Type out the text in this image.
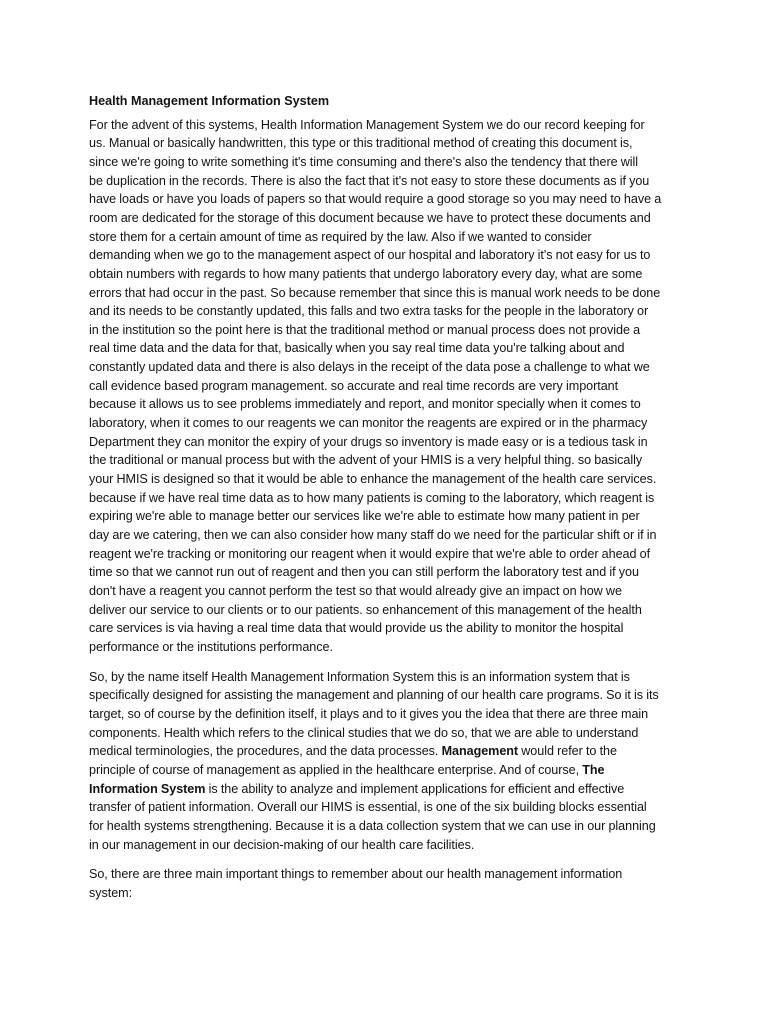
Health Management Information System
For the advent of this systems, Health Information Management System we do our record keeping for
us. Manual or basically handwritten, this type or this traditional method of creating this document is,
since we're going to write something it's time consuming and there's also the tendency that there will
be duplication in the records. There is also the fact that it's not easy to store these documents as if you
have loads or have you loads of papers so that would require a good storage so you may need to have a
room are dedicated for the storage of this document because we have to protect these documents and
store them for a certain amount of time as required by the law. Also if we wanted to consider
demanding when we go to the management aspect of our hospital and laboratory it's not easy for us to
obtain numbers with regards to how many patients that undergo laboratory every day, what are some
errors that had occur in the past. So because remember that since this is manual work needs to be done
and its needs to be constantly updated, this falls and two extra tasks for the people in the laboratory or
in the institution so the point here is that the traditional method or manual process does not provide a
real time data and the data for that, basically when you say real time data you're talking about and
constantly updated data and there is also delays in the receipt of the data pose a challenge to what we
call evidence based program management. so accurate and real time records are very important
because it allows us to see problems immediately and report, and monitor specially when it comes to
laboratory, when it comes to our reagents we can monitor the reagents are expired or in the pharmacy
Department they can monitor the expiry of your drugs so inventory is made easy or is a tedious task in
the traditional or manual process but with the advent of your HMIS is a very helpful thing. so basically
your HMIS is designed so that it would be able to enhance the management of the health care services.
because if we have real time data as to how many patients is coming to the laboratory, which reagent is
expiring we're able to manage better our services like we're able to estimate how many patient in per
day are we catering, then we can also consider how many staff do we need for the particular shift or if in
reagent we're tracking or monitoring our reagent when it would expire that we're able to order ahead of
time so that we cannot run out of reagent and then you can still perform the laboratory test and if you
don't have a reagent you cannot perform the test so that would already give an impact on how we
deliver our service to our clients or to our patients. so enhancement of this management of the health
care services is via having a real time data that would provide us the ability to monitor the hospital
performance or the institutions performance.
So, by the name itself Health Management Information System this is an information system that is
specifically designed for assisting the management and planning of our health care programs. So it is its
target, so of course by the definition itself, it plays and to it gives you the idea that there are three main
components. Health which refers to the clinical studies that we do so, that we are able to understand
medical terminologies, the procedures, and the data processes. Management would refer to the
principle of course of management as applied in the healthcare enterprise. And of course, The
Information System is the ability to analyze and implement applications for efficient and effective
transfer of patient information. Overall our HIMS is essential, is one of the six building blocks essential
for health systems strengthening. Because it is a data collection system that we can use in our planning
in our management in our decision-making of our health care facilities.
So, there are three main important things to remember about our health management information
system:
